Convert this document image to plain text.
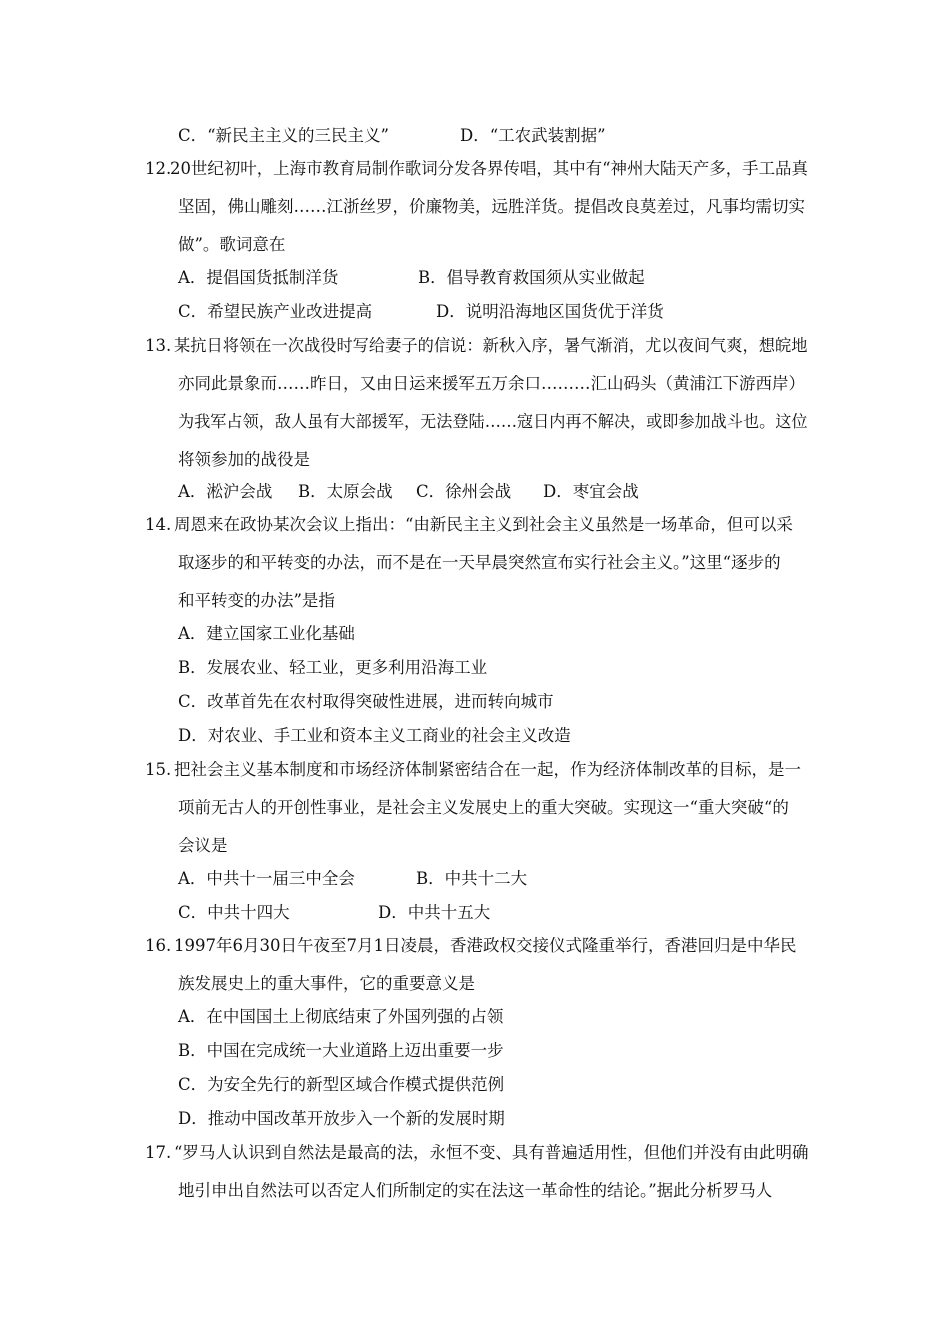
C．“新民主主义的三民主义”	D．“工农武装割据”
12.
20世纪初叶，上海市教育局制作歌词分发各界传唱，其中有“神州大陆天产多，手工品真
坚固，佛山雕刻……江浙丝罗，价廉物美，远胜洋货。提倡改良莫差过，凡事均需切实
做”。歌词意在
A．提倡国货抵制洋货	B．倡导教育救国须从实业做起
C．希望民族产业改进提高	D．说明沿海地区国货优于洋货
13. 某抗日将领在一次战役时写给妻子的信说：新秋入序，暑气渐消，尤以夜间气爽，想皖地
亦同此景象而……昨日，又由日运来援军五万余口………汇山码头（黄浦江下游西岸）
为我军占领，敌人虽有大部援军，无法登陆……寇日内再不解决，或即参加战斗也。这位
将领参加的战役是
A．淞沪会战 B．太原会战 C．徐州会战 D．枣宜会战
14. 周恩来在政协某次会议上指出：“由新民主主义到社会主义虽然是一场革命，但可以采
取逐步的和平转变的办法，而不是在一天早晨突然宣布实行社会主义。”这里“逐步的
和平转变的办法”是指
A．建立国家工业化基础
B．发展农业、轻工业，更多利用沿海工业
C．改革首先在农村取得突破性进展，进而转向城市
D．对农业、手工业和资本主义工商业的社会主义改造
15. 把社会主义基本制度和市场经济体制紧密结合在一起，作为经济体制改革的目标，是一
项前无古人的开创性事业，是社会主义发展史上的重大突破。实现这一“重大突破“的
会议是
A．中共十一届三中全会	B．中共十二大
C．中共十四大	D．中共十五大
16. 1997年6月30日午夜至7月1日凌晨，香港政权交接仪式隆重举行，香港回归是中华民
族发展史上的重大事件，它的重要意义是
A．在中国国土上彻底结束了外国列强的占领
B．中国在完成统一大业道路上迈出重要一步
C．为安全先行的新型区域合作模式提供范例
D．推动中国改革开放步入一个新的发展时期
17. “罗马人认识到自然法是最高的法，永恒不变、具有普遍适用性，但他们并没有由此明确
地引申出自然法可以否定人们所制定的实在法这一革命性的结论。”据此分析罗马人
